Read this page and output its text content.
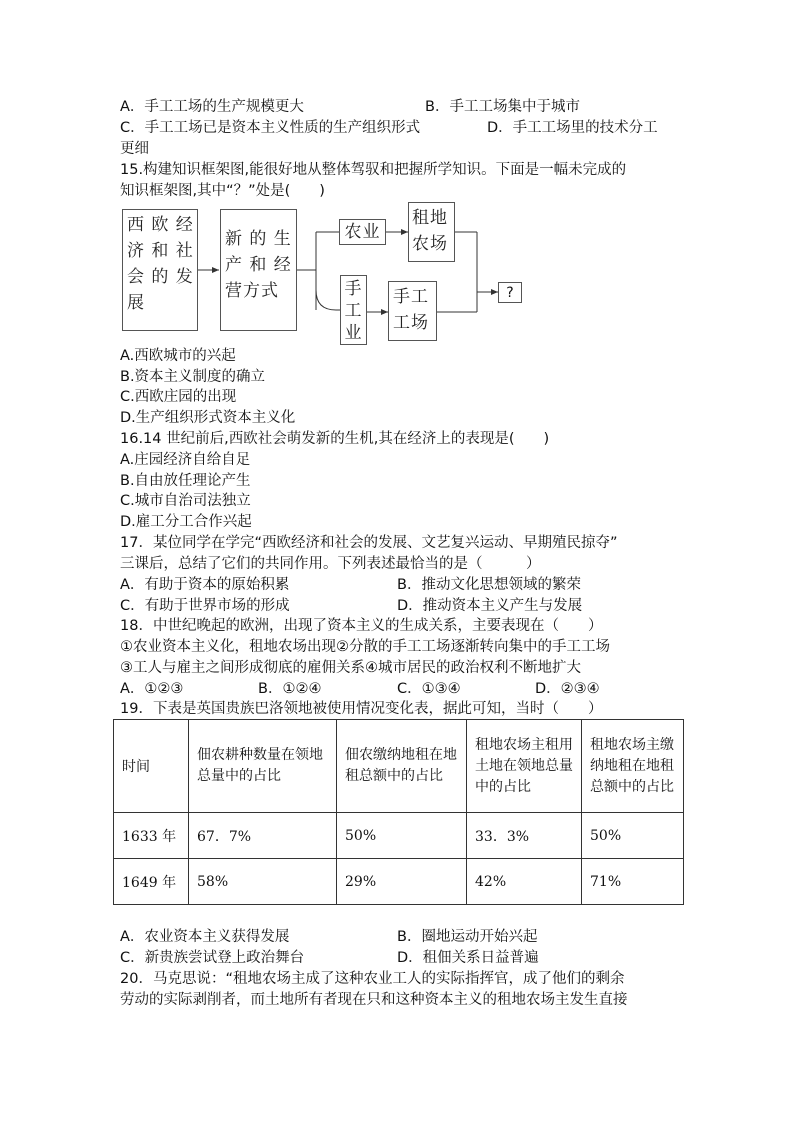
A．手工工场的生产规模更大	B．手工工场集中于城市
C．手工工场已是资本主义性质的生产组织形式	D．手工工场里的技术分工
更细
15.构建知识框架图,能很好地从整体驾驭和把握所学知识。下面是一幅未完成的
知识框架图,其中“？”处是(　　)
西 欧 经
济 和 社
会 的 发
展
新 的 生
产 和 经
营方式
农业
租地
农场
手
工
业
手工
工场
?
A.西欧城市的兴起
B.资本主义制度的确立
C.西欧庄园的出现
D.生产组织形式资本主义化
16.14 世纪前后,西欧社会萌发新的生机,其在经济上的表现是(　　)
A.庄园经济自给自足
B.自由放任理论产生
C.城市自治司法独立
D.雇工分工合作兴起
17．某位同学在学完“西欧经济和社会的发展、文艺复兴运动、早期殖民掠夺”
三课后，总结了它们的共同作用。下列表述最恰当的是（　　　）
A．有助于资本的原始积累	B．推动文化思想领域的繁荣
C．有助于世界市场的形成	D．推动资本主义产生与发展
18．中世纪晚起的欧洲，出现了资本主义的生成关系，主要表现在（　　）
①农业资本主义化，租地农场出现②分散的手工工场逐渐转向集中的手工工场
③工人与雇主之间形成彻底的雇佣关系④城市居民的政治权利不断地扩大
A．①②③	B．①②④	C．①③④	D．②③④
19．下表是英国贵族巴洛领地被使用情况变化表，据此可知，当时（　　）
时间	佃农耕种数量在领地总量中的占比	佃农缴纳地租在地租总额中的占比	租地农场主租用土地在领地总量中的占比	租地农场主缴纳地租在地租总额中的占比
1633 年	67．7%	50%	33．3%	50%
1649 年	58%	29%	42%	71%
A．农业资本主义获得发展	B．圈地运动开始兴起
C．新贵族尝试登上政治舞台	D．租佃关系日益普遍
20．马克思说：“租地农场主成了这种农业工人的实际指挥官，成了他们的剩余
劳动的实际剥削者，而土地所有者现在只和这种资本主义的租地农场主发生直接
